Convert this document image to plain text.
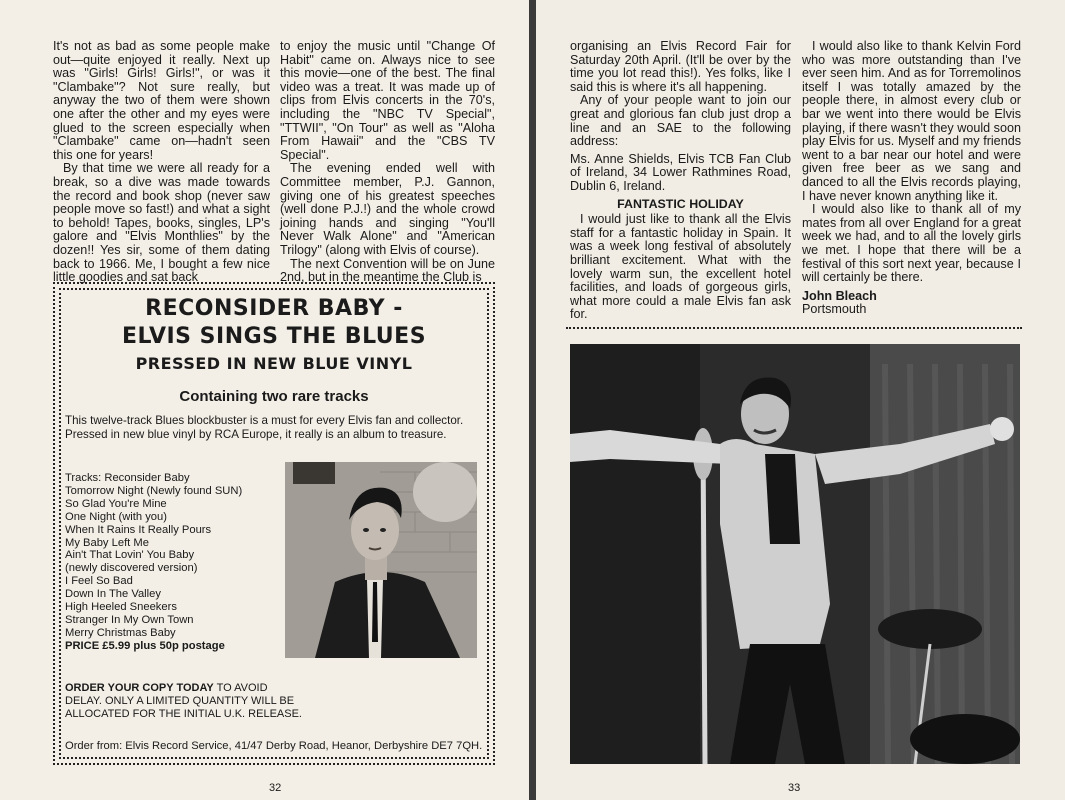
It's not as bad as some people make out—quite enjoyed it really. Next up was "Girls! Girls! Girls!", or was it "Clambake"? Not sure really, but anyway the two of them were shown one after the other and my eyes were glued to the screen especially when "Clambake" came on—hadn't seen this one for years!

By that time we were all ready for a break, so a dive was made towards the record and book shop (never saw people move so fast!) and what a sight to behold! Tapes, books, singles, LP's galore and "Elvis Monthlies" by the dozen!! Yes sir, some of them dating back to 1966. Me, I bought a few nice little goodies and sat back

to enjoy the music until "Change Of Habit" came on. Always nice to see this movie—one of the best. The final video was a treat. It was made up of clips from Elvis concerts in the 70's, including the "NBC TV Special", "TTWII", "On Tour" as well as "Aloha From Hawaii" and the "CBS TV Special".

The evening ended well with Committee member, P.J. Gannon, giving one of his greatest speeches (well done P.J.!) and the whole crowd joining hands and singing "You'll Never Walk Alone" and "American Trilogy" (along with Elvis of course).

The next Convention will be on June 2nd, but in the meantime the Club is

RECONSIDER BABY -
ELVIS SINGS THE BLUES
PRESSED IN NEW BLUE VINYL
Containing two rare tracks
This twelve-track Blues blockbuster is a must for every Elvis fan and collector. Pressed in new blue vinyl by RCA Europe, it really is an album to treasure.
Tracks: Reconsider Baby
Tomorrow Night (Newly found SUN)
So Glad You're Mine
One Night (with you)
When It Rains It Really Pours
My Baby Left Me
Ain't That Lovin' You Baby
(newly discovered version)
I Feel So Bad
Down In The Valley
High Heeled Sneekers
Stranger In My Own Town
Merry Christmas Baby
PRICE £5.99 plus 50p postage
ORDER YOUR COPY TODAY TO AVOID DELAY. ONLY A LIMITED QUANTITY WILL BE ALLOCATED FOR THE INITIAL U.K. RELEASE.
Order from: Elvis Record Service, 41/47 Derby Road, Heanor, Derbyshire DE7 7QH.
32	33

organising an Elvis Record Fair for Saturday 20th April. (It'll be over by the time you lot read this!). Yes folks, like I said this is where it's all happening.

Any of your people want to join our great and glorious fan club just drop a line and an SAE to the following address:

Ms. Anne Shields, Elvis TCB Fan Club of Ireland, 34 Lower Rathmines Road, Dublin 6, Ireland.

FANTASTIC HOLIDAY

I would just like to thank all the Elvis staff for a fantastic holiday in Spain. It was a week long festival of absolutely brilliant excitement. What with the lovely warm sun, the excellent hotel facilities, and loads of gorgeous girls, what more could a male Elvis fan ask for.

I would also like to thank Kelvin Ford who was more outstanding than I've ever seen him. And as for Torremolinos itself I was totally amazed by the people there, in almost every club or bar we went into there would be Elvis playing, if there wasn't they would soon play Elvis for us. Myself and my friends went to a bar near our hotel and were given free beer as we sang and danced to all the Elvis records playing, I have never known anything like it.

I would also like to thank all of my mates from all over England for a great week we had, and to all the lovely girls we met. I hope that there will be a festival of this sort next year, because I will certainly be there.

John Bleach

Portsmouth
